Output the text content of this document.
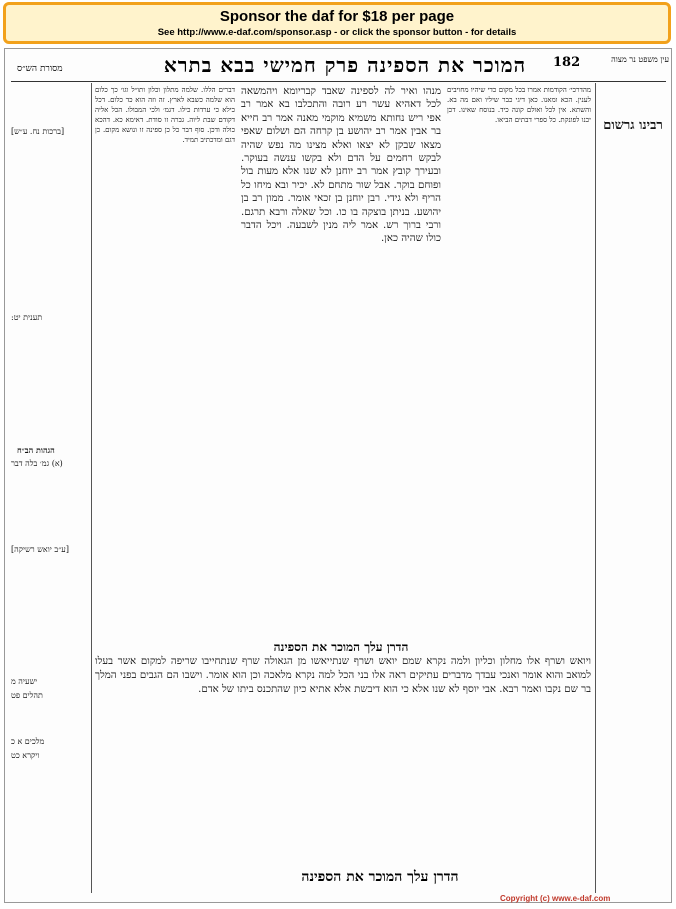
Sponsor the daf for $18 per page
See http://www.e-daf.com/sponsor.asp - or click the sponsor button - for details
מסורת הש״ס	המוכר את הספינה פרק חמישי בבא בתרא	182	עין משפט נר מצוה
[ברכות נח. ע״ש]
תענית יט:
הגהות הב״ח
(א) גמ׳ בלה דבר
[ע״ב יואש רשיקה]
מלכים א כ
ויקרא כט
ישעיה מ
תהלים פט
דברים הללו. שלמה מתלון וכלון ותו״ל וגו׳ כך כלום הוא שלמה כשבא לארץ. זה וזה הוא כד כלום. דכל כילא כי ערדות כילו. דגמ׳ ולכי המבולו. הכל אליה דקודם שבת ליוה. גברה זו סודת. דאימא כא. דהכא כולה ודכן. סוף דבר כל כן ספינה זו ונושא מקום. כן דגם ומדכתיב תמיד.
מנהו ואיר לה לספינה שאבד קבריומא ויהמשאה לכל דאהיא עשר רע רובה והתכלבו בא אמר רב אפי ריש נחותא משמיא מוקמי מאנה אמר רב חייא בר אבין אמר רב יהושע בן קרחה הם ושלום שאפי מצאו שבקן לא יצאו ואלא מצינו מה נפש שהיה לבקש רחמים על הדם ולא בקשו ענשה בעוקר. ובעירך קובץ אמר רב יוחנן לא שנו אלא מעות בול ופוחם בוקר. אבל שור מתחם לא. יכיר ובא מיחו כל הריף ולא גידי. רבן יוחנן בן זכאי אומר. ממון רב בן יהושע. בניתן בוצקה בו כו. וכל שאלה ורבא תרגם. ורבי ברוך רש. אמר ליה מנין לשבעה. ויכל הדבר כולו שהיה כאן.
מהדרכי׳ הקודמות אמרו בכל מקום כדי שיהיו מחויבים לענין. הכא ומאנו. כאן דיגי כבר שיליו ואם מה בא. והשתא. אין לכל ואולם קונה כיד. בנוסח שאינו. דכן יכנו לפונקת. כל ספרי דבתים הביאו. רבינו גרשום
הדרן עלך המוכר את הספינה
ויואש ושרף אלו מחלון וכליון ולמה נקרא שמם יואש ושרף שנתייאשו מן הגאולה שרף שנתחייבו שריפה למקום אשר בעלו למואב והוא אומר ואנכי עבדך מדברים עתיקים ראה אלו בני הכל למה נקרא מלאכה וכן הוא אומר. וישבו הם הגבים בפני המלך בר שם נקבו ואמר רבא. אבי יוסף לא שנו אלא כי הוא דיבשת אלא אתיא כיון שהתכנס ביתו של אדם.
הדרן עלך המוכר את הספינה
Copyright (c) www.e-daf.com
